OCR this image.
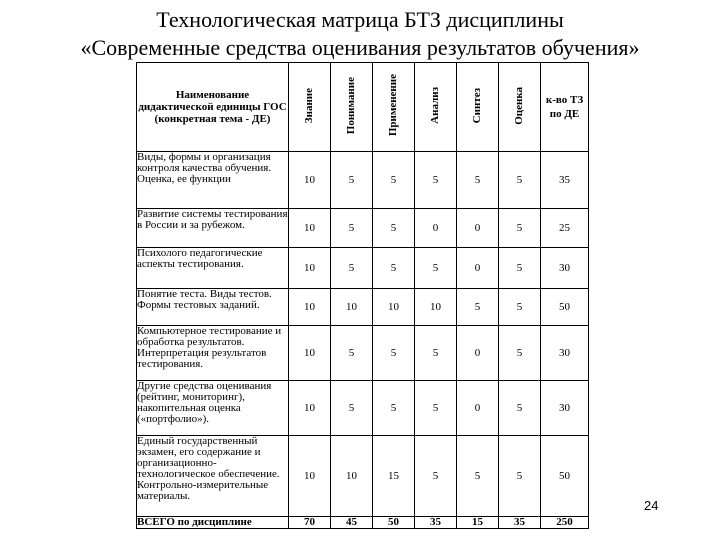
Технологическая матрица БТЗ дисциплины
«Современные средства оценивания результатов обучения»
Наименование дидактической единицы ГОС (конкретная тема - ДЕ)	Знание	Понимание	Применение	Анализ	Синтез	Оценка	к-во ТЗ по ДЕ
Виды, формы и организация контроля качества обучения. Оценка, ее функции	10	5	5	5	5	5	35
Развитие системы тестирования в России и за рубежом.	10	5	5	0	0	5	25
Психолого педагогические аспекты тестирования.	10	5	5	5	0	5	30
Понятие теста. Виды тестов. Формы тестовых заданий.	10	10	10	10	5	5	50
Компьютерное тестирование и обработка результатов. Интерпретация результатов тестирования.	10	5	5	5	0	5	30
Другие средства оценивания (рейтинг, мониторинг), накопительная оценка («портфолио»).	10	5	5	5	0	5	30
Единый государственный экзамен, его содержание и организационно-технологическое обеспечение. Контрольно-измерительные материалы.	10	10	15	5	5	5	50
ВСЕГО по дисциплине	70	45	50	35	15	35	250
24
